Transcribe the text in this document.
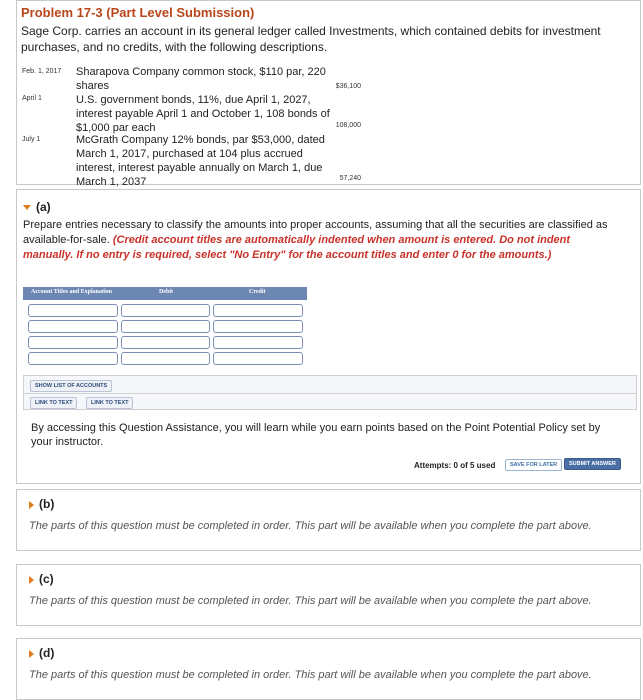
Problem 17-3 (Part Level Submission)
Sage Corp. carries an account in its general ledger called Investments, which contained debits for investment purchases, and no credits, with the following descriptions.
Feb. 1, 2017 Sharapova Company common stock, $110 par, 220 shares	$36,100
April 1	U.S. government bonds, 11%, due April 1, 2027, interest payable April 1 and October 1, 108 bonds of $1,000 par each	108,000
July 1	McGrath Company 12% bonds, par $53,000, dated March 1, 2017, purchased at 104 plus accrued interest, interest payable annually on March 1, due March 1, 2037	57,240
(a)
Prepare entries necessary to classify the amounts into proper accounts, assuming that all the securities are classified as available-for-sale. (Credit account titles are automatically indented when amount is entered. Do not indent manually. If no entry is required, select "No Entry" for the account titles and enter 0 for the amounts.)
Account Titles and Explanation	Debit	Credit
SHOW LIST OF ACCOUNTS
LINK TO TEXT	LINK TO TEXT
By accessing this Question Assistance, you will learn while you earn points based on the Point Potential Policy set by your instructor.
Attempts: 0 of 5 used	SAVE FOR LATER	SUBMIT ANSWER
(b)
The parts of this question must be completed in order. This part will be available when you complete the part above.
(c)
The parts of this question must be completed in order. This part will be available when you complete the part above.
(d)
The parts of this question must be completed in order. This part will be available when you complete the part above.
